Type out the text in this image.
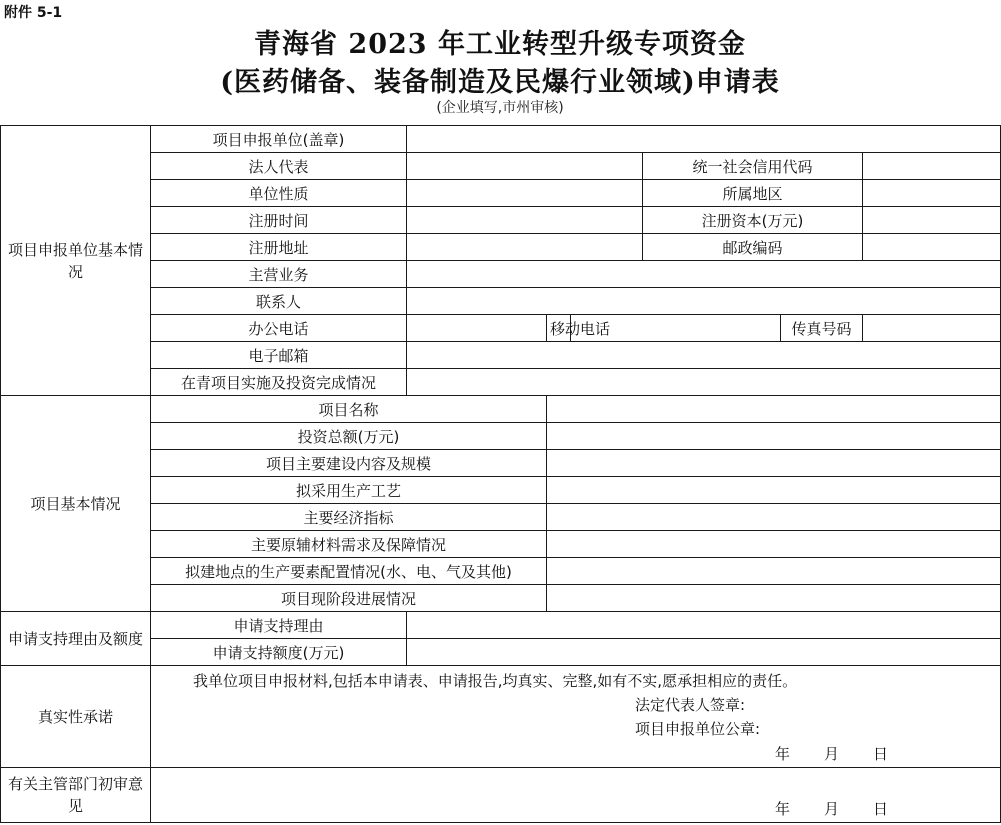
附件 5-1
青海省 2023 年工业转型升级专项资金
(医药储备、装备制造及民爆行业领域)申请表
(企业填写,市州审核)
项目申报单位基本情况	项目申报单位(盖章)						
	法人代表				统一社会信用代码		
	单位性质				所属地区		
	注册时间				注册资本(万元)		
	注册地址				邮政编码		
	主营业务						
	联系人						
	办公电话		移动电话			传真号码	
	电子邮箱						
	在青项目实施及投资完成情况						
项目基本情况	项目名称						
	投资总额(万元)						
	项目主要建设内容及规模						
	拟采用生产工艺						
	主要经济指标						
	主要原辅材料需求及保障情况						
	拟建地点的生产要素配置情况(水、电、气及其他)						
	项目现阶段进展情况						
申请支持理由及额度	申请支持理由						
	申请支持额度(万元)						
真实性承诺	我单位项目申报材料,包括本申请表、申请报告,均真实、完整,如有不实,愿承担相应的责任。
法定代表人签章:
项目申报单位公章:
年 月 日						

有关主管部门初审意见	年 月 日						
